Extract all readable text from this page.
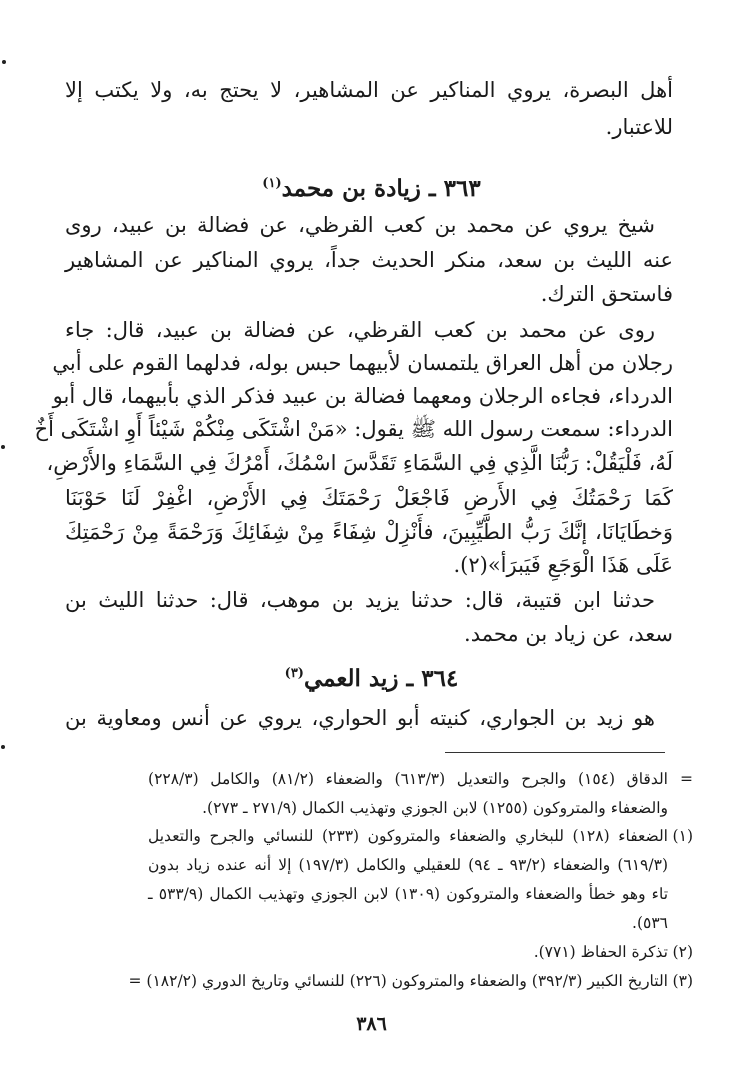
أهل البصرة، يروي المناكير عن المشاهير، لا يحتج به، ولا يكتب إلا
للاعتبار.
٣٦٣ ـ زيادة بن محمد$^{(١)}$
شيخ يروي عن محمد بن كعب القرظي، عن فضالة بن عبيد، روى
عنه الليث بن سعد، منكر الحديث جداً، يروي المناكير عن المشاهير
فاستحق الترك.
روى عن محمد بن كعب القرظي، عن فضالة بن عبيد، قال: جاء
رجلان من أهل العراق يلتمسان لأبيهما حبس بوله، فدلهما القوم على أبي
الدرداء، فجاءه الرجلان ومعهما فضالة بن عبيد فذكر الذي بأبيهما، قال أبو
الدرداء: سمعت رسول الله ﷺ يقول: «مَنْ اشْتَكَى مِنْكُمْ شَيْئاً أَوِ اشْتَكَى أَخٌ
لَهُ، فَلْيَقُلْ: رَبُّنَا الَّذِي فِي السَّمَاءِ تَقَدَّسَ اسْمُكَ، أَمْرُكَ فِي السَّمَاءِ والأَرْضِ،
كَمَا رَحْمَتُكَ فِي الأَرضِ فَاجْعَلْ رَحْمَتَكَ فِي الأَرْضِ، اغْفِرْ لَنَا حَوْبَنَا
وَخطَايَانَا، إنَّكَ رَبُّ الطَّيِّبِينَ، فأَنْزِلْ شِفَاءً مِنْ شِفَائِكَ وَرَحْمَةً مِنْ رَحْمَتِكَ
عَلَى هَذَا الْوَجَعِ فَيَبرَأ»(٢).
حدثنا ابن قتيبة، قال: حدثنا يزيد بن موهب، قال: حدثنا الليث بن
سعد، عن زياد بن محمد.
٣٦٤ ـ زيد العمي$^{(٣)}$
هو زيد بن الجواري، كنيته أبو الحواري، يروي عن أنس ومعاوية بن
=
الدقاق (١٥٤) والجرح والتعديل (٦١٣/٣) والضعفاء (٨١/٢) والكامل (٢٢٨/٣)
والضعفاء والمتروكون (١٢٥٥) لابن الجوزي وتهذيب الكمال (٢٧١/٩ ـ ٢٧٣).
(١)
الضعفاء (١٢٨) للبخاري والضعفاء والمتروكون (٢٣٣) للنسائي والجرح والتعديل
(٦١٩/٣) والضعفاء (٩٣/٢ ـ ٩٤) للعقيلي والكامل (١٩٧/٣) إلا أنه عنده زياد بدون
تاء وهو خطأ والضعفاء والمتروكون (١٣٠٩) لابن الجوزي وتهذيب الكمال (٥٣٣/٩ ـ
٥٣٦).
(٢)
تذكرة الحفاظ (٧٧١).
(٣)
التاريخ الكبير (٣٩٢/٣) والضعفاء والمتروكون (٢٢٦) للنسائي وتاريخ الدوري (١٨٢/٢) =
٣٨٦
